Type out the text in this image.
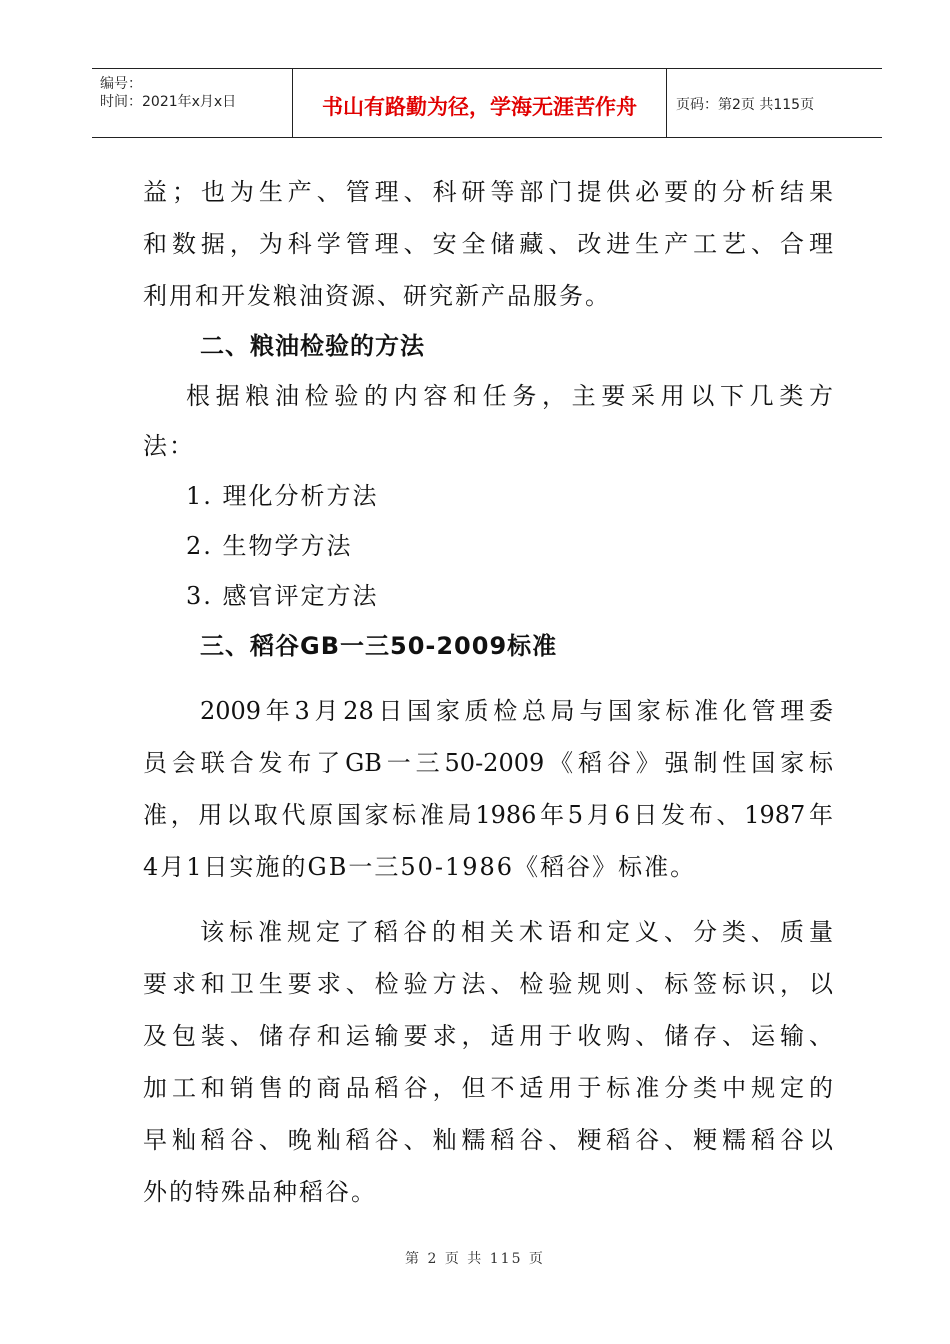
编号：
时间：2021年x月x日	书山有路勤为径，学海无涯苦作舟	页码：第2页 共115页
益；也为生产、管理、科研等部门提供必要的分析结果
和数据，为科学管理、安全储藏、改进生产工艺、合理
利用和开发粮油资源、研究新产品服务。
二、粮油检验的方法
根据粮油检验的内容和任务，主要采用以下几类方
法：
1. 理化分析方法
2. 生物学方法
3. 感官评定方法
三、稻谷GB一三50-2009标准
2009年3月28日国家质检总局与国家标准化管理委
员会联合发布了GB一三50-2009《稻谷》强制性国家标
准，用以取代原国家标准局1986年5月6日发布、1987年
4月1日实施的GB一三50-1986《稻谷》标准。
该标准规定了稻谷的相关术语和定义、分类、质量
要求和卫生要求、检验方法、检验规则、标签标识，以
及包装、储存和运输要求，适用于收购、储存、运输、
加工和销售的商品稻谷，但不适用于标准分类中规定的
早籼稻谷、晚籼稻谷、籼糯稻谷、粳稻谷、粳糯稻谷以
外的特殊品种稻谷。
第 2 页 共 115 页
